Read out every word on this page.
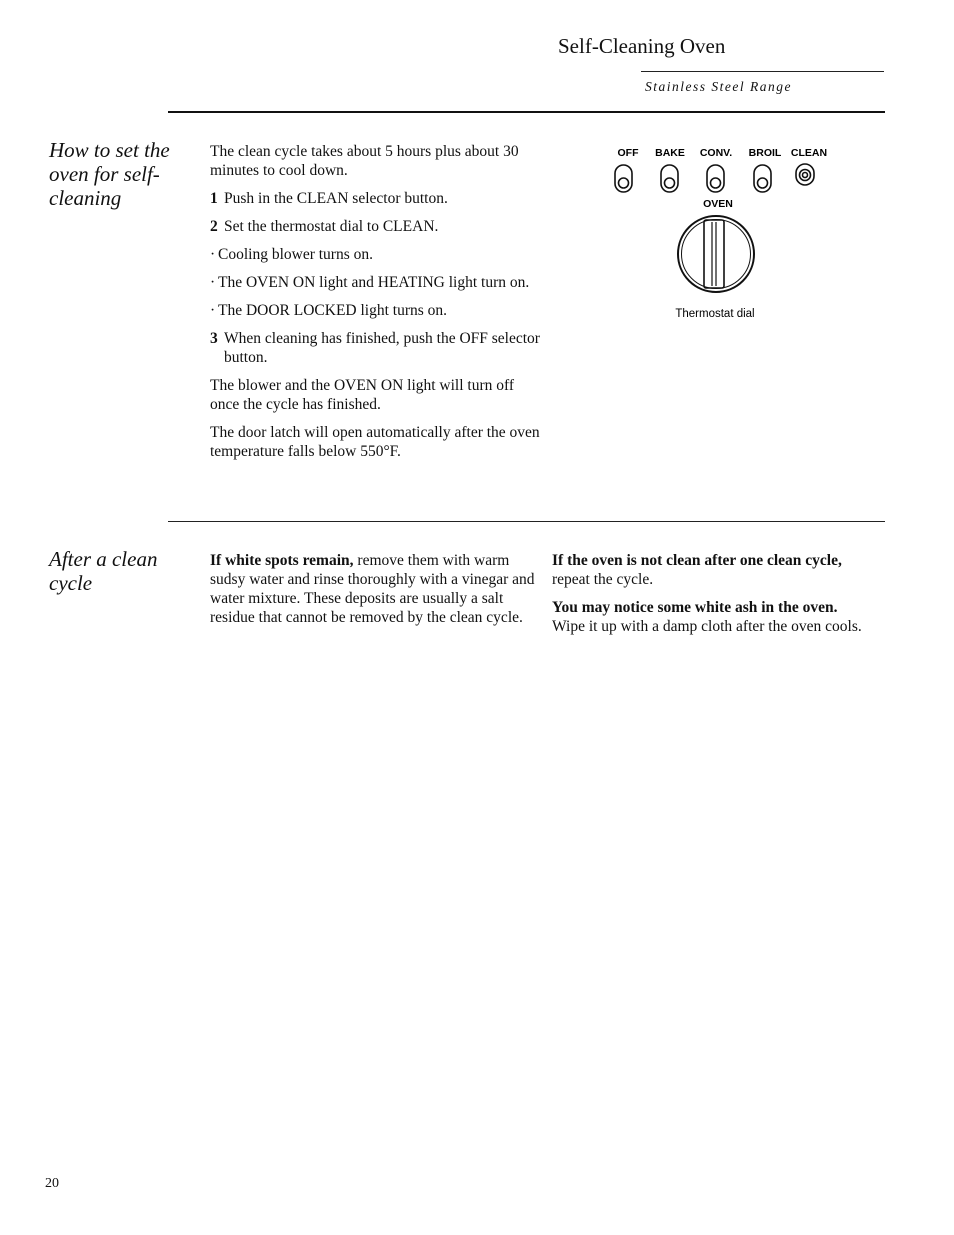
Self-Cleaning Oven
Stainless Steel Range
How to set the oven for self-cleaning

The clean cycle takes about 5 hours plus about 30 minutes to cool down.

1 Push in the CLEAN selector button.

2 Set the thermostat dial to CLEAN.

· Cooling blower turns on.

· The OVEN ON light and HEATING light turn on.

· The DOOR LOCKED light turns on.

3 When cleaning has finished, push the OFF selector button.

The blower and the OVEN ON light will turn off once the cycle has finished.

The door latch will open automatically after the oven temperature falls below 550°F.

OFF BAKE CONV. BROIL CLEAN
OVEN
Thermostat dial
After a clean cycle

If white spots remain, remove them with warm sudsy water and rinse thoroughly with a vinegar and water mixture. These deposits are usually a salt residue that cannot be removed by the clean cycle.

If the oven is not clean after one clean cycle, repeat the cycle.

You may notice some white ash in the oven. Wipe it up with a damp cloth after the oven cools.

20
